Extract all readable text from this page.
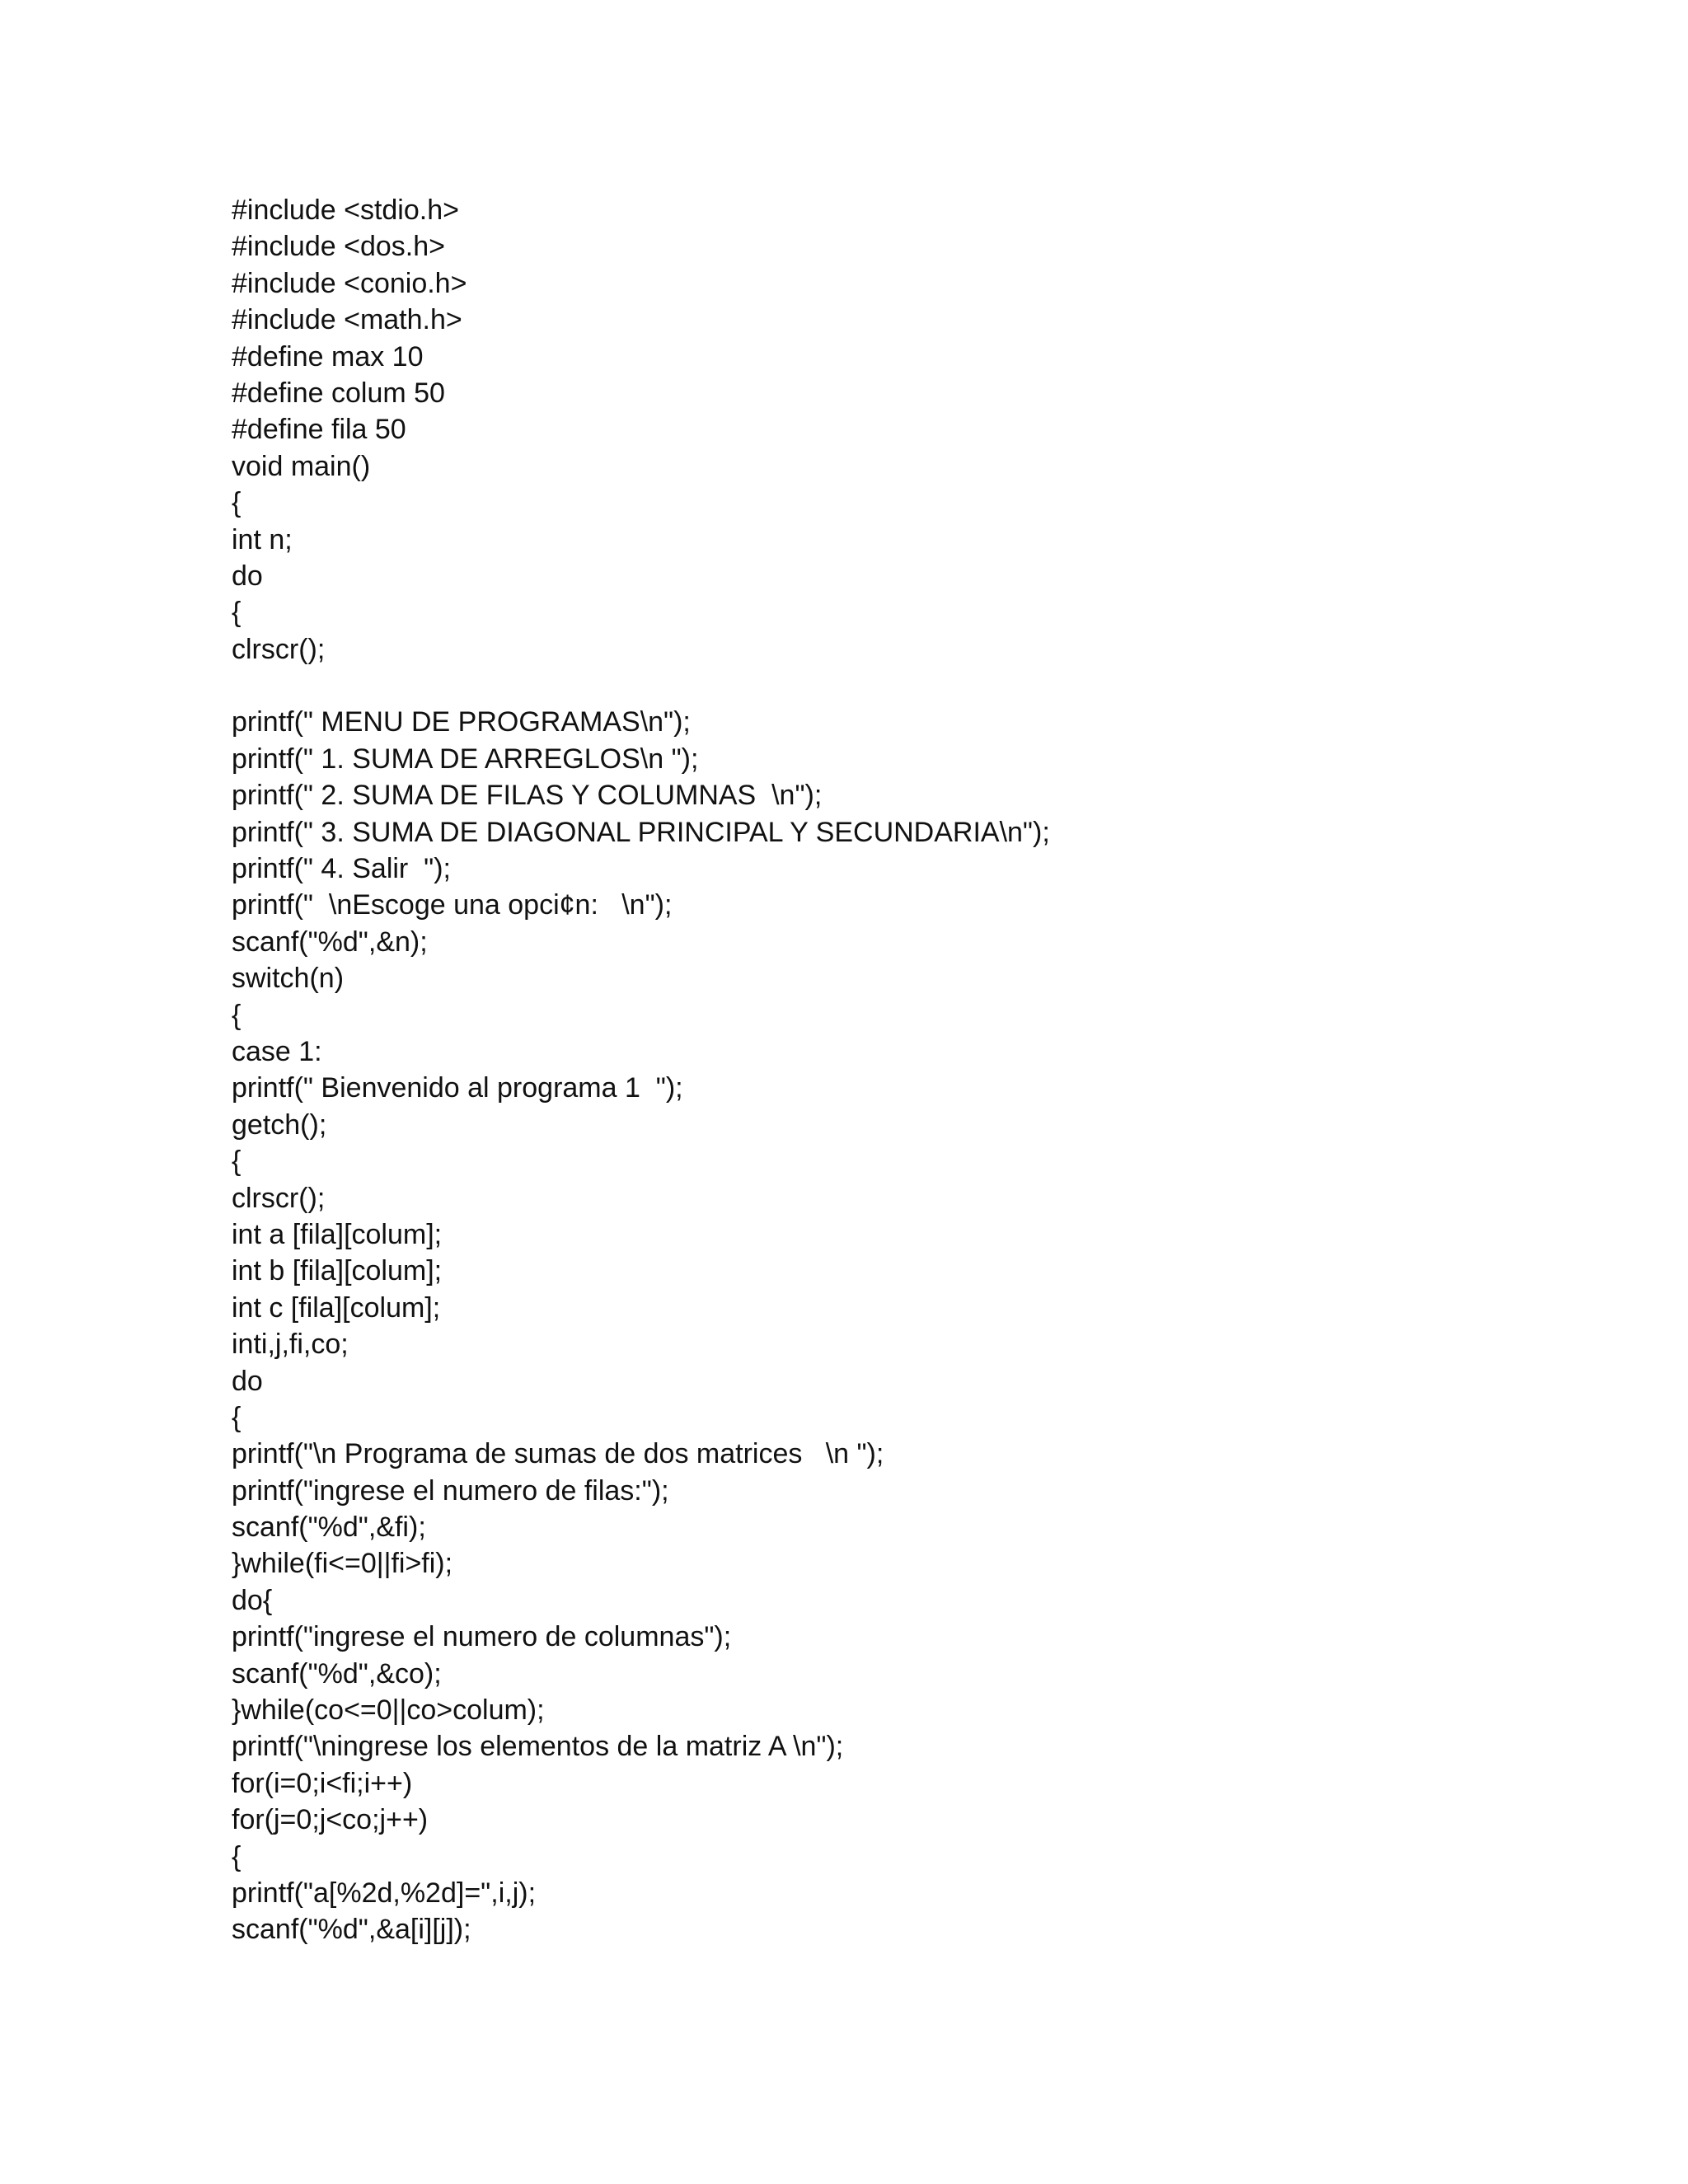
#include <stdio.h>
#include <dos.h>
#include <conio.h>
#include <math.h>
#define max 10
#define colum 50
#define fila 50
void main()
{
int n;
do
{
clrscr();
printf(" MENU DE PROGRAMAS\n");
printf(" 1. SUMA DE ARREGLOS\n ");
printf(" 2. SUMA DE FILAS Y COLUMNAS  \n");
printf(" 3. SUMA DE DIAGONAL PRINCIPAL Y SECUNDARIA\n");
printf(" 4. Salir  ");
printf("  \nEscoge una opci¢n:   \n");
scanf("%d",&n);
switch(n)
{
case 1:
printf(" Bienvenido al programa 1  ");
getch();
{
clrscr();
int a [fila][colum];
int b [fila][colum];
int c [fila][colum];
inti,j,fi,co;
do
{
printf("\n Programa de sumas de dos matrices   \n ");
printf("ingrese el numero de filas:");
scanf("%d",&fi);
}while(fi<=0||fi>fi);
do{
printf("ingrese el numero de columnas");
scanf("%d",&co);
}while(co<=0||co>colum);
printf("\ningrese los elementos de la matriz A \n");
for(i=0;i<fi;i++)
for(j=0;j<co;j++)
{
printf("a[%2d,%2d]=",i,j);
scanf("%d",&a[i][j]);
